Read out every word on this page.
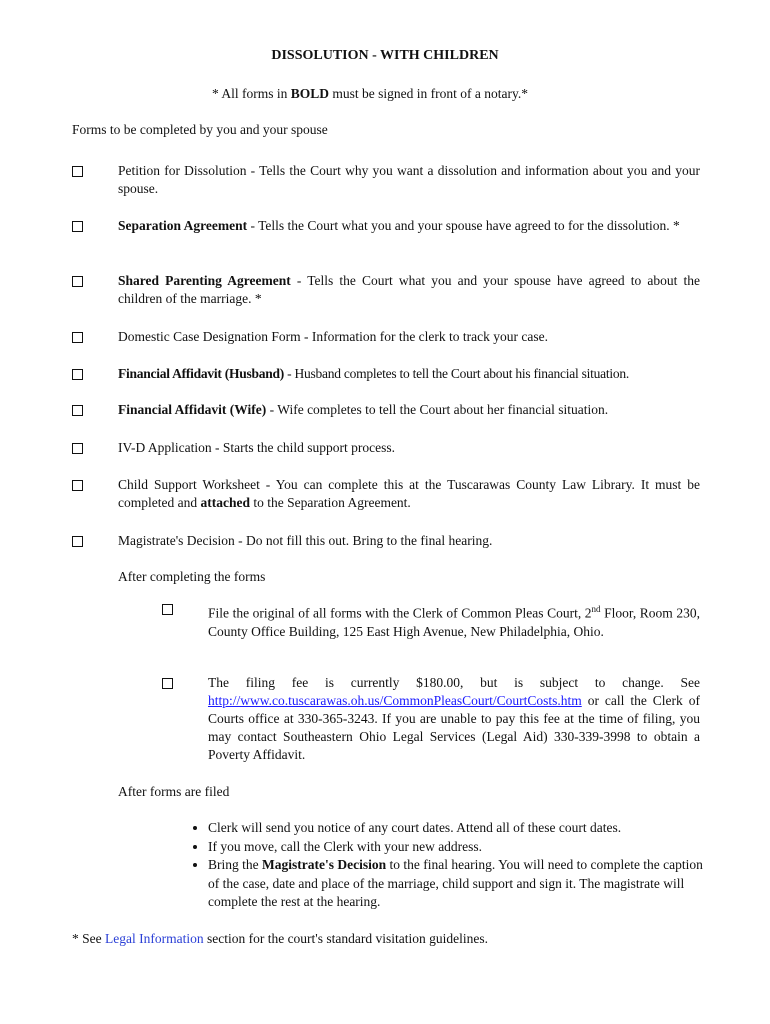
DISSOLUTION - WITH CHILDREN
* All forms in BOLD must be signed in front of a notary.*
Forms to be completed by you and your spouse
Petition for Dissolution - Tells the Court why you want a dissolution and information about you and your spouse.
Separation Agreement - Tells the Court what you and your spouse have agreed to for the dissolution. *
Shared Parenting Agreement - Tells the Court what you and your spouse have agreed to about the children of the marriage. *
Domestic Case Designation Form - Information for the clerk to track your case.
Financial Affidavit (Husband) - Husband completes to tell the Court about his financial situation.
Financial Affidavit (Wife) - Wife completes to tell the Court about her financial situation.
IV-D Application - Starts the child support process.
Child Support Worksheet - You can complete this at the Tuscarawas County Law Library. It must be completed and attached to the Separation Agreement.
Magistrate's Decision - Do not fill this out. Bring to the final hearing.
After completing the forms
File the original of all forms with the Clerk of Common Pleas Court, 2nd Floor, Room 230, County Office Building, 125 East High Avenue, New Philadelphia, Ohio.
The filing fee is currently $180.00, but is subject to change. See http://www.co.tuscarawas.oh.us/CommonPleasCourt/CourtCosts.htm or call the Clerk of Courts office at 330-365-3243. If you are unable to pay this fee at the time of filing, you may contact Southeastern Ohio Legal Services (Legal Aid) 330-339-3998 to obtain a Poverty Affidavit.
After forms are filed
• Clerk will send you notice of any court dates. Attend all of these court dates.
• If you move, call the Clerk with your new address.
• Bring the Magistrate's Decision to the final hearing. You will need to complete the caption of the case, date and place of the marriage, child support and sign it. The magistrate will complete the rest at the hearing.
* See Legal Information section for the court's standard visitation guidelines.
